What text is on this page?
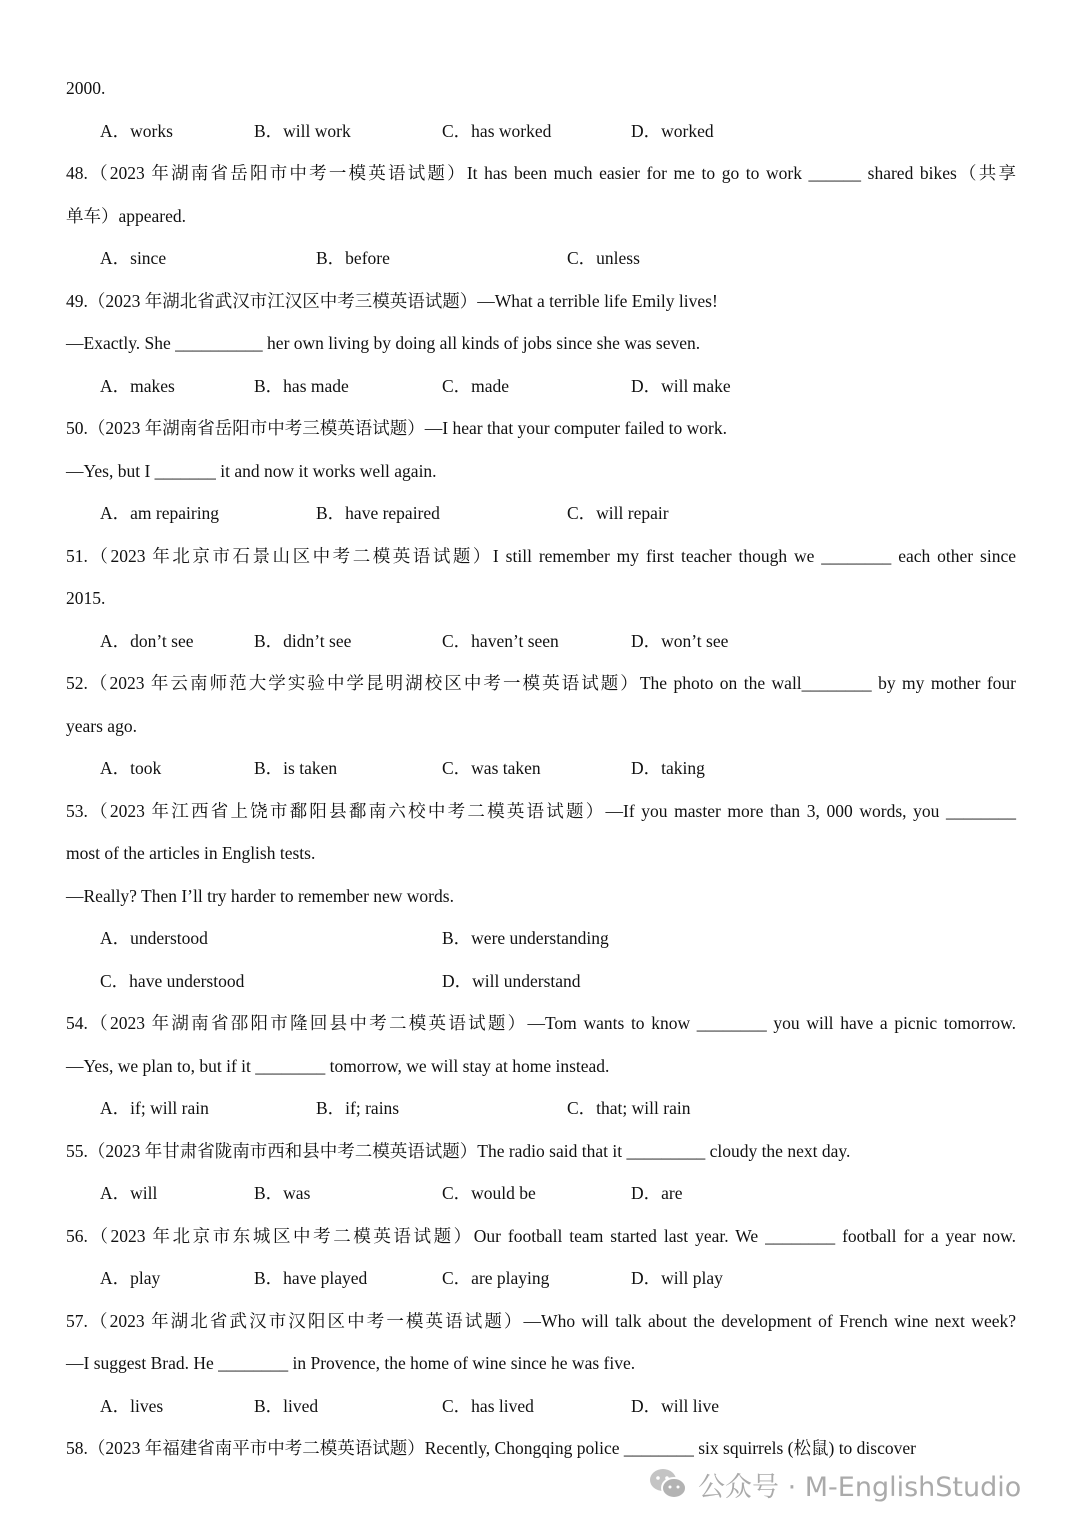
2000.
A．works	B．will work	C．has worked	D．worked
48.（2023 年湖南省岳阳市中考一模英语试题）It has been much easier for me to go to work ______ shared bikes（共享
单车）appeared.
A．since	B．before	C．unless
49.（2023 年湖北省武汉市江汉区中考三模英语试题）—What a terrible life Emily lives!
—Exactly. She __________ her own living by doing all kinds of jobs since she was seven.
A．makes	B．has made	C．made	D．will make
50.（2023 年湖南省岳阳市中考三模英语试题）—I hear that your computer failed to work.
—Yes, but I _______ it and now it works well again.
A．am repairing	B．have repaired	C．will repair
51.（2023 年北京市石景山区中考二模英语试题）I still remember my first teacher though we ________ each other since
2015.
A．don’t see	B．didn’t see	C．haven’t seen	D．won’t see
52.（2023 年云南师范大学实验中学昆明湖校区中考一模英语试题）The photo on the wall________ by my mother four
years ago.
A．took	B．is taken	C．was taken	D．taking
53.（2023 年江西省上饶市鄱阳县鄱南六校中考二模英语试题）—If you master more than 3, 000 words, you ________
most of the articles in English tests.
—Really? Then I’ll try harder to remember new words.
A．understood	B．were understanding
C．have understood	D．will understand
54.（2023 年湖南省邵阳市隆回县中考二模英语试题）—Tom wants to know ________ you will have a picnic tomorrow.
—Yes, we plan to, but if it ________ tomorrow, we will stay at home instead.
A．if; will rain	B．if; rains	C．that; will rain
55.（2023 年甘肃省陇南市西和县中考二模英语试题）The radio said that it _________ cloudy the next day.
A．will	B．was	C．would be	D．are
56.（2023 年北京市东城区中考二模英语试题）Our football team started last year. We ________ football for a year now.
A．play	B．have played	C．are playing	D．will play
57.（2023 年湖北省武汉市汉阳区中考一模英语试题）—Who will talk about the development of French wine next week?
—I suggest Brad. He ________ in Provence, the home of wine since he was five.
A．lives	B．lived	C．has lived	D．will live
58.（2023 年福建省南平市中考二模英语试题）Recently, Chongqing police ________ six squirrels (松鼠) to discover
公众号 · M-EnglishStudio
